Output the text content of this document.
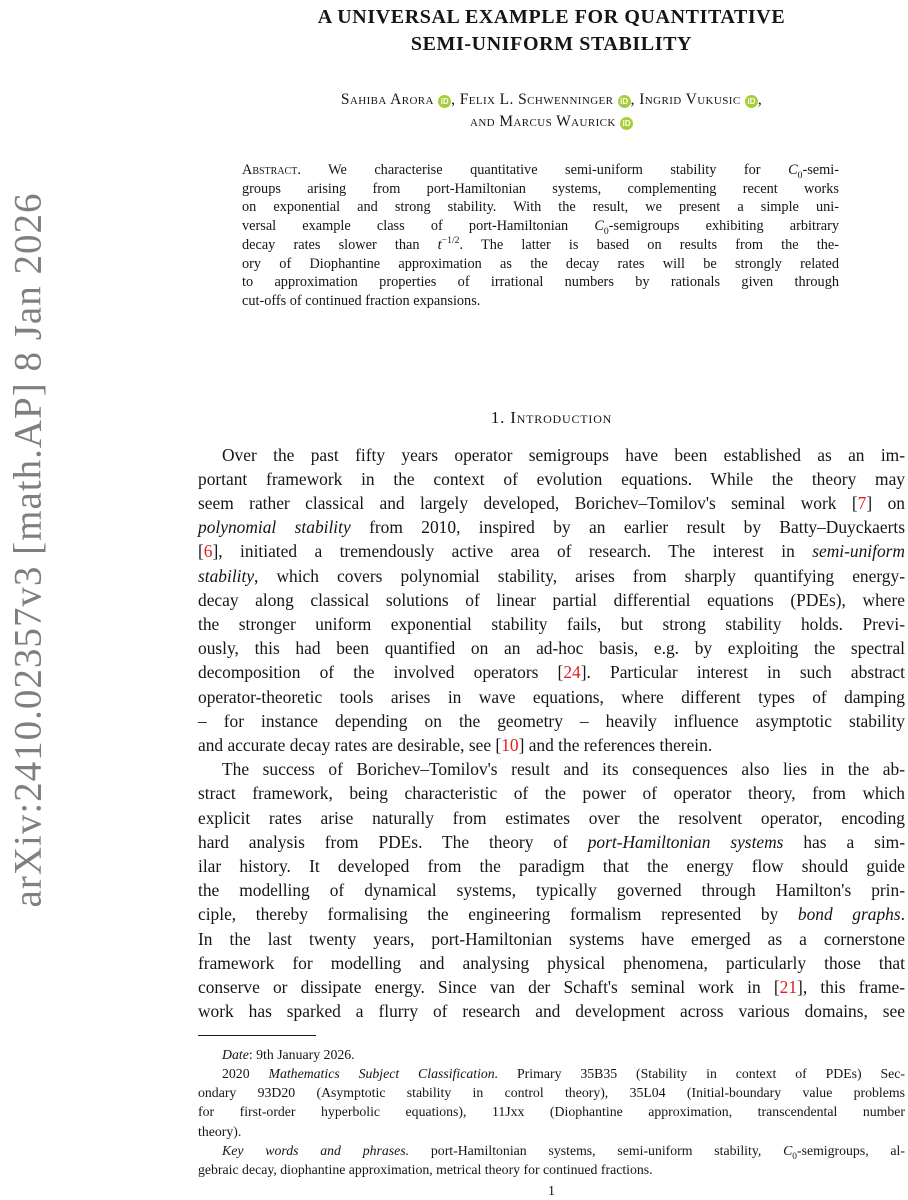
arXiv:2410.02357v3 [math.AP] 8 Jan 2026
A UNIVERSAL EXAMPLE FOR QUANTITATIVE
SEMI-UNIFORM STABILITY
Sahiba Arora iD , Felix L. Schwenninger iD , Ingrid Vukusic iD ,
and Marcus Waurick iD
Abstract. We characterise quantitative semi-uniform stability for $C_0-semi-$
groups arising from port-Hamiltonian systems, complementing recent works
on exponential and strong stability. With the result, we present a simple uni-
versal example class of port-Hamiltonian $C_0$-semigroups exhibiting arbitrary
decay rates slower than $t^{-1/2}$. The latter is based on results from the the-
ory of Diophantine approximation as the decay rates will be strongly related
to approximation properties of irrational numbers by rationals given through
cut-offs of continued fraction expansions.
1. Introduction
Over the past fifty years operator semigroups have been established as an im-
portant framework in the context of evolution equations. While the theory may
seem rather classical and largely developed, Borichev–Tomilov's seminal work [7] on
polynomial stability from 2010, inspired by an earlier result by Batty–Duyckaerts
[6], initiated a tremendously active area of research. The interest in semi-uniform
stability, which covers polynomial stability, arises from sharply quantifying energy-
decay along classical solutions of linear partial differential equations (PDEs), where
the stronger uniform exponential stability fails, but strong stability holds. Previ-
ously, this had been quantified on an ad-hoc basis, e.g. by exploiting the spectral
decomposition of the involved operators [24]. Particular interest in such abstract
operator-theoretic tools arises in wave equations, where different types of damping
– for instance depending on the geometry – heavily influence asymptotic stability
and accurate decay rates are desirable, see [10] and the references therein.
The success of Borichev–Tomilov's result and its consequences also lies in the ab-
stract framework, being characteristic of the power of operator theory, from which
explicit rates arise naturally from estimates over the resolvent operator, encoding
hard analysis from PDEs. The theory of port-Hamiltonian systems has a sim-
ilar history. It developed from the paradigm that the energy flow should guide
the modelling of dynamical systems, typically governed through Hamilton's prin-
ciple, thereby formalising the engineering formalism represented by bond graphs.
In the last twenty years, port-Hamiltonian systems have emerged as a cornerstone
framework for modelling and analysing physical phenomena, particularly those that
conserve or dissipate energy. Since van der Schaft's seminal work in [21], this frame-
work has sparked a flurry of research and development across various domains, see
Date: 9th January 2026.
2020 Mathematics Subject Classification. Primary 35B35 (Stability in context of PDEs) Sec-
ondary 93D20 (Asymptotic stability in control theory), 35L04 (Initial-boundary value problems
for first-order hyperbolic equations), 11Jxx (Diophantine approximation, transcendental number
theory).
Key words and phrases. port-Hamiltonian systems, semi-uniform stability, $C_0$-semigroups, al-
gebraic decay, diophantine approximation, metrical theory for continued fractions.
1
